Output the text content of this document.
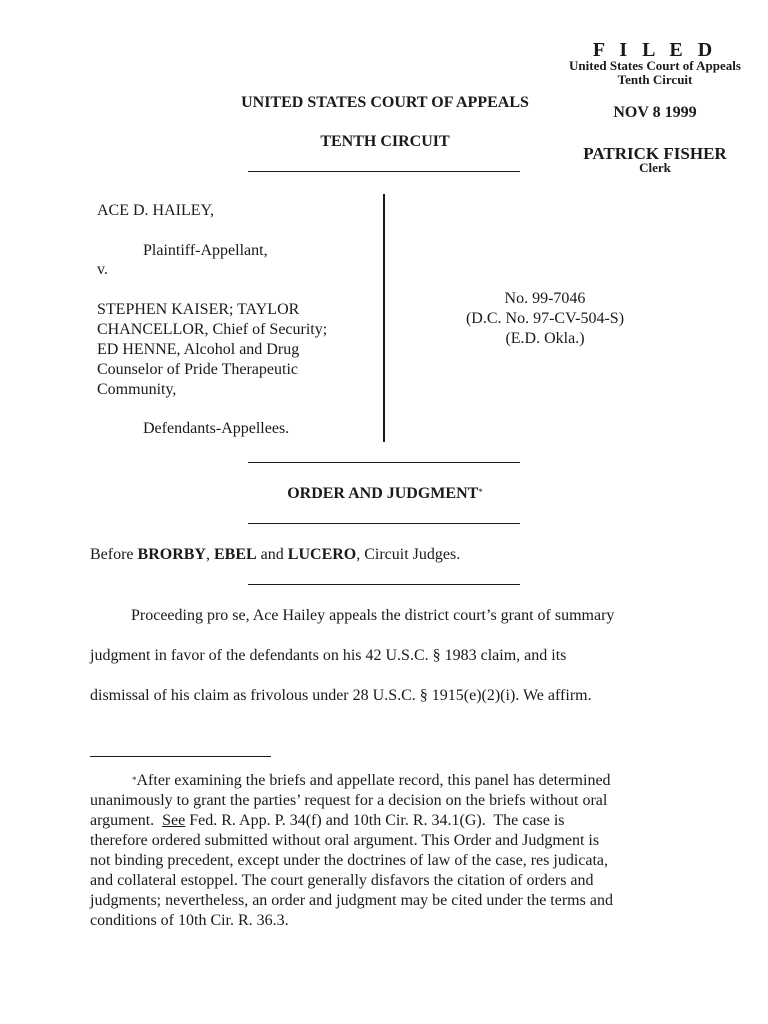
F I L E D
United States Court of Appeals
Tenth Circuit
NOV 8 1999
PATRICK FISHER
Clerk
UNITED STATES COURT OF APPEALS
TENTH CIRCUIT
ACE D. HAILEY,
Plaintiff-Appellant,
v.
STEPHEN KAISER; TAYLOR
CHANCELLOR, Chief of Security;
ED HENNE, Alcohol and Drug
Counselor of Pride Therapeutic
Community,
Defendants-Appellees.
No. 99-7046
(D.C. No. 97-CV-504-S)
(E.D. Okla.)
ORDER AND JUDGMENT*
Before BRORBY, EBEL and LUCERO, Circuit Judges.
Proceeding pro se, Ace Hailey appeals the district court’s grant of summary
judgment in favor of the defendants on his 42 U.S.C. § 1983 claim, and its
dismissal of his claim as frivolous under 28 U.S.C. § 1915(e)(2)(i). We affirm.
*After examining the briefs and appellate record, this panel has determined
unanimously to grant the parties’ request for a decision on the briefs without oral
argument.  See Fed. R. App. P. 34(f) and 10th Cir. R. 34.1(G).  The case is
therefore ordered submitted without oral argument. This Order and Judgment is
not binding precedent, except under the doctrines of law of the case, res judicata,
and collateral estoppel. The court generally disfavors the citation of orders and
judgments; nevertheless, an order and judgment may be cited under the terms and
conditions of 10th Cir. R. 36.3.
